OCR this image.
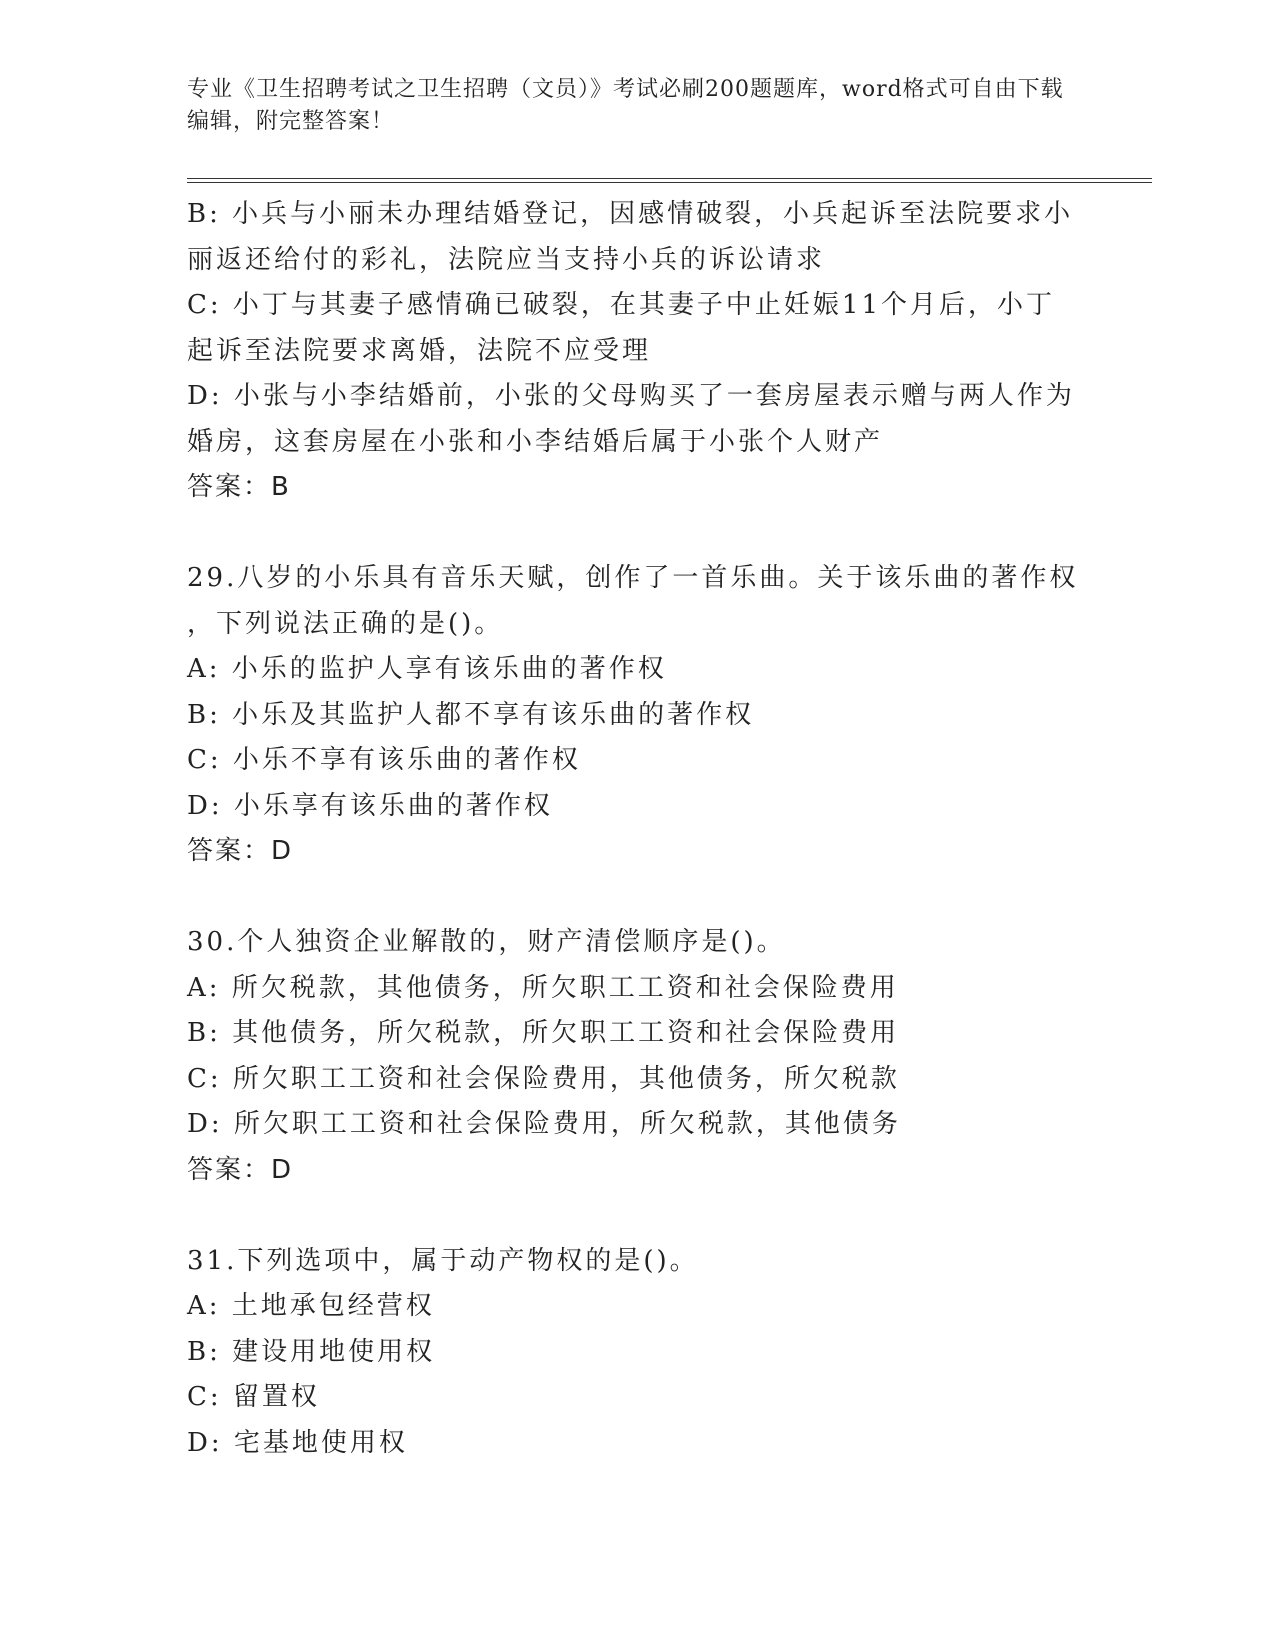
专业《卫生招聘考试之卫生招聘（文员）》考试必刷200题题库，word格式可自由下载编辑，附完整答案！
B: 小兵与小丽未办理结婚登记，因感情破裂，小兵起诉至法院要求小
丽返还给付的彩礼，法院应当支持小兵的诉讼请求
C: 小丁与其妻子感情确已破裂，在其妻子中止妊娠11个月后，小丁
起诉至法院要求离婚，法院不应受理
D: 小张与小李结婚前，小张的父母购买了一套房屋表示赠与两人作为
婚房，这套房屋在小张和小李结婚后属于小张个人财产
答案：B
29.八岁的小乐具有音乐天赋，创作了一首乐曲。关于该乐曲的著作权
，下列说法正确的是()。
A: 小乐的监护人享有该乐曲的著作权
B: 小乐及其监护人都不享有该乐曲的著作权
C: 小乐不享有该乐曲的著作权
D: 小乐享有该乐曲的著作权
答案：D
30.个人独资企业解散的，财产清偿顺序是()。
A: 所欠税款，其他债务，所欠职工工资和社会保险费用
B: 其他债务，所欠税款，所欠职工工资和社会保险费用
C: 所欠职工工资和社会保险费用，其他债务，所欠税款
D: 所欠职工工资和社会保险费用，所欠税款，其他债务
答案：D
31.下列选项中，属于动产物权的是()。
A: 土地承包经营权
B: 建设用地使用权
C: 留置权
D: 宅基地使用权
